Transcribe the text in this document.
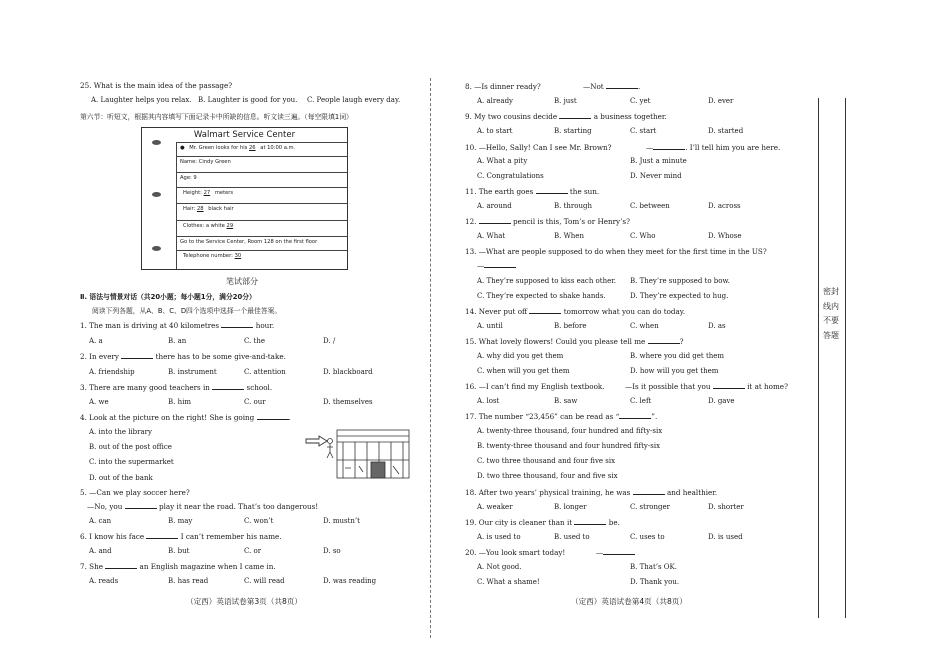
25. What is the main idea of the passage?
A. Laughter helps you relax. B. Laughter is good for you. C. People laugh every day.
第六节：听短文，根据其内容填写下面记录卡中所缺的信息。听文读三遍。（每空限填1词）
Walmart Service Center
● Mr. Green looks for his 26 at 10:00 a.m.
Name: Cindy Green
Age: 9
Height: 27 meters
Hair: 28 black hair
Clothes: a white 29
Go to the Service Center, Room 128 on the first floor
Telephone number: 30
笔试部分
Ⅱ. 语法与情景对话（共20小题；每小题1分，满分20分）
阅读下列各题，从A、B、C、D四个选项中选择一个最佳答案。
1. The man is driving at 40 kilometres	hour.
A. a	B. an	C. the	D. /
2. In every	there has to be some give-and-take.
A. friendship	B. instrument	C. attention	D. blackboard
3. There are many good teachers in	school.
A. we	B. him	C. our	D. themselves
4. Look at the picture on the right! She is going	.
A. into the library
B. out of the post office
C. into the supermarket
D. out of the bank
5. —Can we play soccer here?
—No, you	play it near the road. That’s too dangerous!
A. can	B. may	C. won’t	D. mustn’t
6. I know his face	I can’t remember his name.
A. and	B. but	C. or	D. so
7. She	an English magazine when I came in.
A. reads	B. has read	C. will read	D. was reading
（定西）英语试卷第3页（共8页）
8. —Is dinner ready?	—Not	.
A. already	B. just	C. yet	D. ever
9. My two cousins decide	a business together.
A. to start	B. starting	C. start	D. started
10. —Hello, Sally! Can I see Mr. Brown?	—	. I’ll tell him you are here.
A. What a pity	B. Just a minute
C. Congratulations	D. Never mind
11. The earth goes	the sun.
A. around	B. through	C. between	D. across
12.	pencil is this, Tom’s or Henry’s?
A. What	B. When	C. Who	D. Whose
13. —What are people supposed to do when they meet for the first time in the US?
—
A. They’re supposed to kiss each other. B. They’re supposed to bow.
C. They’re expected to shake hands.	D. They’re expected to hug.
14. Never put off	tomorrow what you can do today.
A. until	B. before	C. when	D. as
15. What lovely flowers! Could you please tell me	?
A. why did you get them	B. where you did get them
C. when will you get them	D. how will you get them
16. —I can’t find my English textbook.	—Is it possible that you	it at home?
A. lost	B. saw	C. left	D. gave
17. The number “23,456” can be read as “	”.
A. twenty-three thousand, four hundred and fifty-six
B. twenty-three thousand and four hundred fifty-six
C. two three thousand and four five six
D. two three thousand, four and five six
18. After two years’ physical training, he was	and healthier.
A. weaker	B. longer	C. stronger	D. shorter
19. Our city is cleaner than it	be.
A. is used to	B. used to	C. uses to	D. is used
20. —You look smart today!	—
A. Not good.	B. That’s OK.
C. What a shame!	D. Thank you.
（定西）英语试卷第4页（共8页）
密封线内不要答题
